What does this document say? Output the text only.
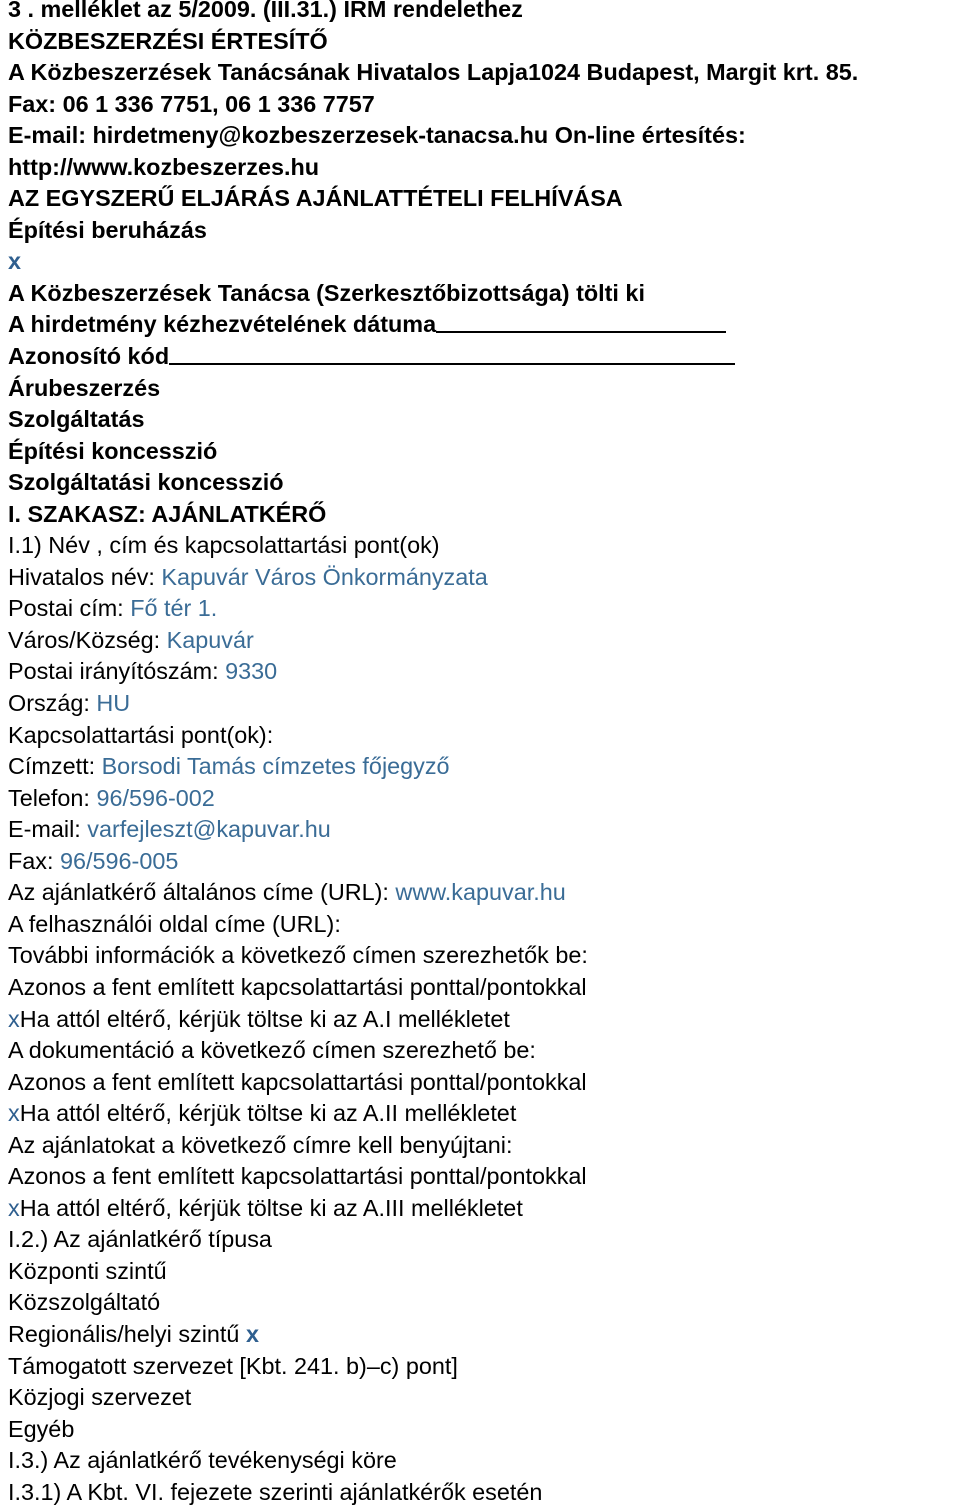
3 . melléklet az 5/2009. (III.31.) IRM rendelethez
KÖZBESZERZÉSI ÉRTESÍTŐ
A Közbeszerzések Tanácsának Hivatalos Lapja1024 Budapest, Margit krt. 85.
Fax: 06 1 336 7751, 06 1 336 7757
E-mail: hirdetmeny@kozbeszerzesek-tanacsa.hu On-line értesítés:
http://www.kozbeszerzes.hu
AZ EGYSZERŰ ELJÁRÁS AJÁNLATTÉTELI FELHÍVÁSA
Építési beruházás
x
A Közbeszerzések Tanácsa (Szerkesztőbizottsága) tölti ki
A hirdetmény kézhezvételének dátuma
Azonosító kód
Árubeszerzés
Szolgáltatás
Építési koncesszió
Szolgáltatási koncesszió
I. SZAKASZ: AJÁNLATKÉRŐ
I.1) Név , cím és kapcsolattartási pont(ok)
Hivatalos név: Kapuvár Város Önkormányzata
Postai cím: Fő tér 1.
Város/Község: Kapuvár
Postai irányítószám: 9330
Ország: HU
Kapcsolattartási pont(ok):
Címzett: Borsodi Tamás címzetes főjegyző
Telefon: 96/596-002
E-mail: varfejleszt@kapuvar.hu
Fax: 96/596-005
Az ajánlatkérő általános címe (URL): www.kapuvar.hu
A felhasználói oldal címe (URL):
További információk a következő címen szerezhetők be:
Azonos a fent említett kapcsolattartási ponttal/pontokkal
xHa attól eltérő, kérjük töltse ki az A.I mellékletet
A dokumentáció a következő címen szerezhető be:
Azonos a fent említett kapcsolattartási ponttal/pontokkal
xHa attól eltérő, kérjük töltse ki az A.II mellékletet
Az ajánlatokat a következő címre kell benyújtani:
Azonos a fent említett kapcsolattartási ponttal/pontokkal
xHa attól eltérő, kérjük töltse ki az A.III mellékletet
I.2.) Az ajánlatkérő típusa
Központi szintű
Közszolgáltató
Regionális/helyi szintű x
Támogatott szervezet [Kbt. 241. b)–c) pont]
Közjogi szervezet
Egyéb
I.3.) Az ajánlatkérő tevékenységi köre
I.3.1) A Kbt. VI. fejezete szerinti ajánlatkérők esetén
